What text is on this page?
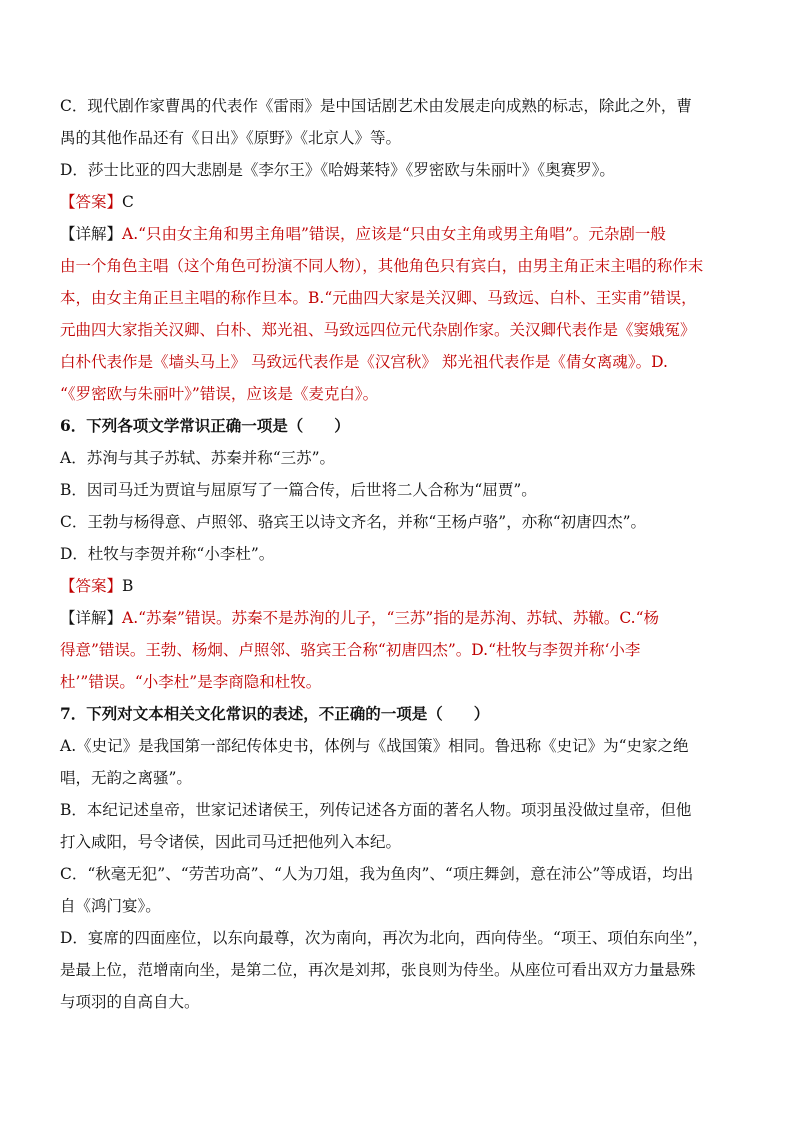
C．现代剧作家曹禺的代表作《雷雨》是中国话剧艺术由发展走向成熟的标志，除此之外，曹
禺的其他作品还有《日出》《原野》《北京人》等。
D．莎士比亚的四大悲剧是《李尔王》《哈姆莱特》《罗密欧与朱丽叶》《奥赛罗》。
【答案】C
【详解】A.“只由女主角和男主角唱”错误，应该是“只由女主角或男主角唱”。元杂剧一般
由一个角色主唱（这个角色可扮演不同人物），其他角色只有宾白，由男主角正末主唱的称作末
本，由女主角正旦主唱的称作旦本。B.“元曲四大家是关汉卿、马致远、白朴、王实甫”错误，
元曲四大家指关汉卿、白朴、郑光祖、马致远四位元代杂剧作家。关汉卿代表作是《窦娥冤》
白朴代表作是《墙头马上》 马致远代表作是《汉宫秋》 郑光祖代表作是《倩女离魂》。D.
“《罗密欧与朱丽叶》”错误，应该是《麦克白》。
6．下列各项文学常识正确一项是（　　）
A．苏洵与其子苏轼、苏秦并称“三苏”。
B．因司马迁为贾谊与屈原写了一篇合传，后世将二人合称为“屈贾”。
C．王勃与杨得意、卢照邻、骆宾王以诗文齐名，并称“王杨卢骆”，亦称“初唐四杰”。
D．杜牧与李贺并称“小李杜”。
【答案】B
【详解】A.“苏秦”错误。苏秦不是苏洵的儿子，“三苏”指的是苏洵、苏轼、苏辙。C.“杨
得意”错误。王勃、杨炯、卢照邻、骆宾王合称“初唐四杰”。D.“杜牧与李贺并称‘小李
杜’”错误。“小李杜”是李商隐和杜牧。
7．下列对文本相关文化常识的表述，不正确的一项是（　　）
A.《史记》是我国第一部纪传体史书，体例与《战国策》相同。鲁迅称《史记》为“史家之绝
唱，无韵之离骚”。
B．本纪记述皇帝，世家记述诸侯王，列传记述各方面的著名人物。项羽虽没做过皇帝，但他
打入咸阳，号令诸侯，因此司马迁把他列入本纪。
C．“秋毫无犯”、“劳苦功高”、“人为刀俎，我为鱼肉”、“项庄舞剑，意在沛公”等成语，均出
自《鸿门宴》。
D．宴席的四面座位，以东向最尊，次为南向，再次为北向，西向侍坐。“项王、项伯东向坐”，
是最上位，范增南向坐，是第二位，再次是刘邦，张良则为侍坐。从座位可看出双方力量悬殊
与项羽的自高自大。
